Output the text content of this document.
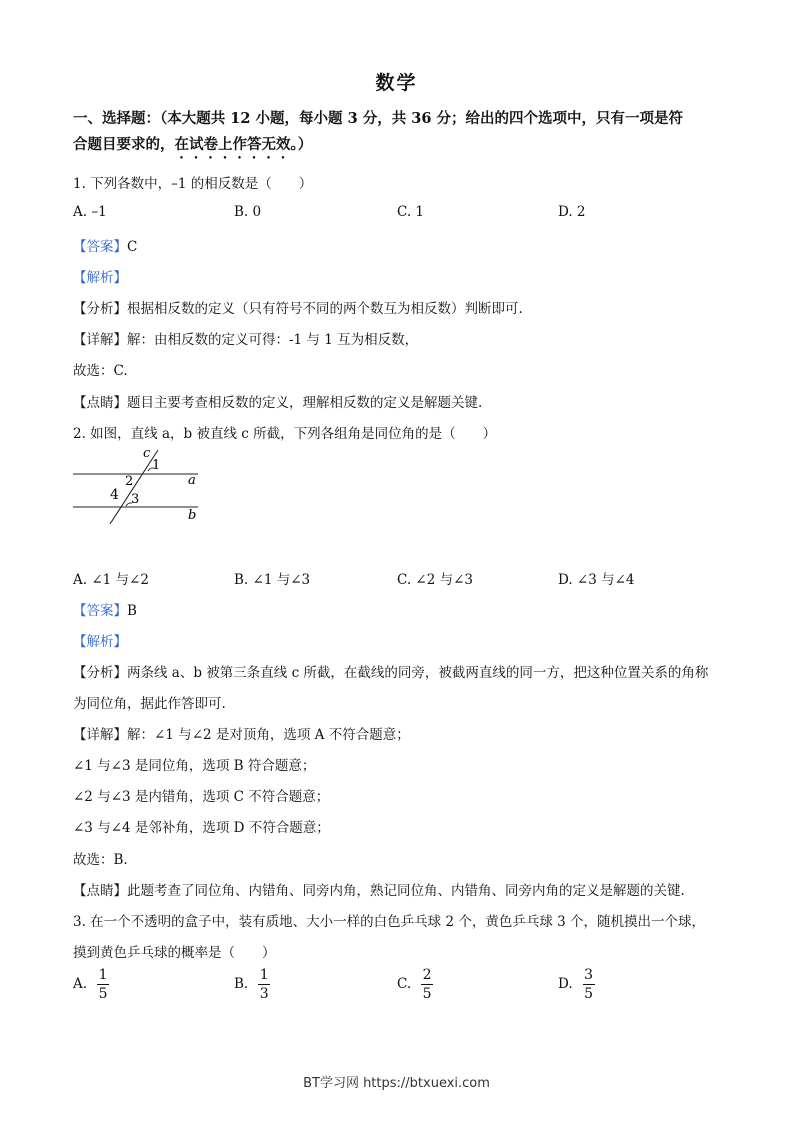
数学
一、选择题：（本大题共 12 小题，每小题 3 分，共 36 分；给出的四个选项中，只有一项是符
合题目要求的，在试卷上作答无效。）
1. 下列各数中，–1 的相反数是（　　）
A. –1	B. 0	C. 1	D. 2
【答案】C
【解析】
【分析】根据相反数的定义（只有符号不同的两个数互为相反数）判断即可.
【详解】解：由相反数的定义可得：-1 与 1 互为相反数，
故选：C.
【点睛】题目主要考查相反数的定义，理解相反数的定义是解题关键.
2. 如图，直线 a，b 被直线 c 所截，下列各组角是同位角的是（　　）
c
1
2	a
4 3
b
A. ∠1 与∠2	B. ∠1 与∠3	C. ∠2 与∠3	D. ∠3 与∠4
【答案】B
【解析】
【分析】两条线 a、b 被第三条直线 c 所截，在截线的同旁，被截两直线的同一方，把这种位置关系的角称
为同位角，据此作答即可.
【详解】解：∠1 与∠2 是对顶角，选项 A 不符合题意；
∠1 与∠3 是同位角，选项 B 符合题意；
∠2 与∠3 是内错角，选项 C 不符合题意；
∠3 与∠4 是邻补角，选项 D 不符合题意；
故选：B.
【点睛】此题考查了同位角、内错角、同旁内角，熟记同位角、内错角、同旁内角的定义是解题的关键.
3. 在一个不透明的盒子中，装有质地、大小一样的白色乒乓球 2 个，黄色乒乓球 3 个，随机摸出一个球，
摸到黄色乒乓球的概率是（　　）
A. $\frac{1}{5}$	B. $\frac{1}{3}$	C. $\frac{2}{5}$	D. $\frac{3}{5}$
BT学习网 https://btxuexi.com
